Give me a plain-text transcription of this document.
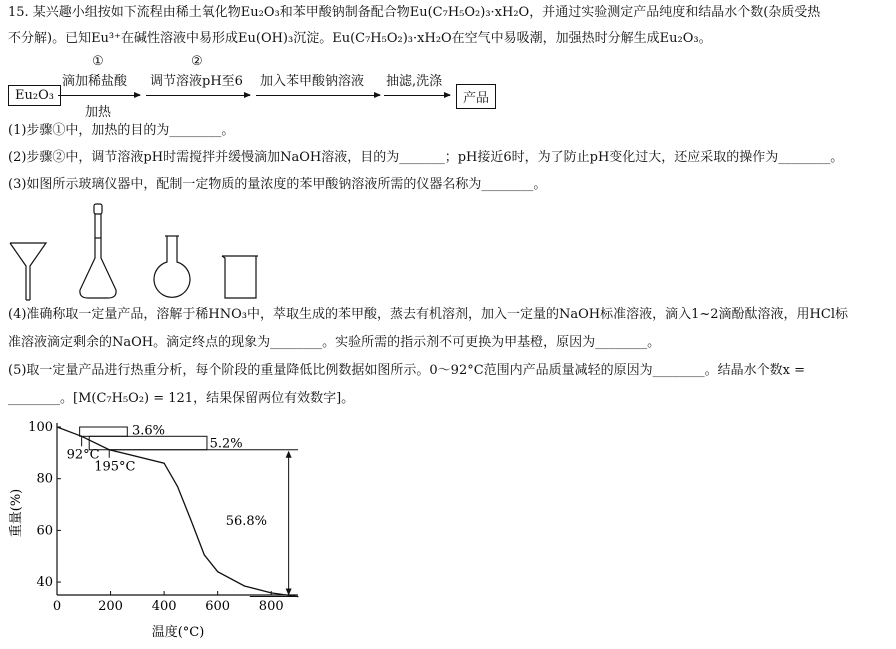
15. 某兴趣小组按如下流程由稀土氧化物Eu₂O₃和苯甲酸钠制备配合物Eu(C₇H₅O₂)₃·xH₂O，并通过实验测定产品纯度和结晶水个数(杂质受热
不分解)。已知Eu³⁺在碱性溶液中易形成Eu(OH)₃沉淀。Eu(C₇H₅O₂)₃·xH₂O在空气中易吸潮，加强热时分解生成Eu₂O₃。
Eu₂O₃
①
滴加稀盐酸
加热
②
调节溶液pH至6 加入苯甲酸钠溶液 抽滤,洗涤
产品
(1)步骤①中，加热的目的为________。
(2)步骤②中，调节溶液pH时需搅拌并缓慢滴加NaOH溶液，目的为_______；pH接近6时，为了防止pH变化过大，还应采取的操作为________。
(3)如图所示玻璃仪器中，配制一定物质的量浓度的苯甲酸钠溶液所需的仪器名称为________。
(4)准确称取一定量产品，溶解于稀HNO₃中，萃取生成的苯甲酸，蒸去有机溶剂，加入一定量的NaOH标准溶液，滴入1~2滴酚酞溶液，用HCl标
准溶液滴定剩余的NaOH。滴定终点的现象为________。实验所需的指示剂不可更换为甲基橙，原因为________。
(5)取一定量产品进行热重分析，每个阶段的重量降低比例数据如图所示。0～92°C范围内产品质量减轻的原因为________。结晶水个数x =
________。[M(C₇H₅O₂) = 121，结果保留两位有效数字]。
0	200 400 600 800
40
60
80
100	3.6%
5.2%
92°C
195°C
56.8%
温度(°C)
重量(%)
